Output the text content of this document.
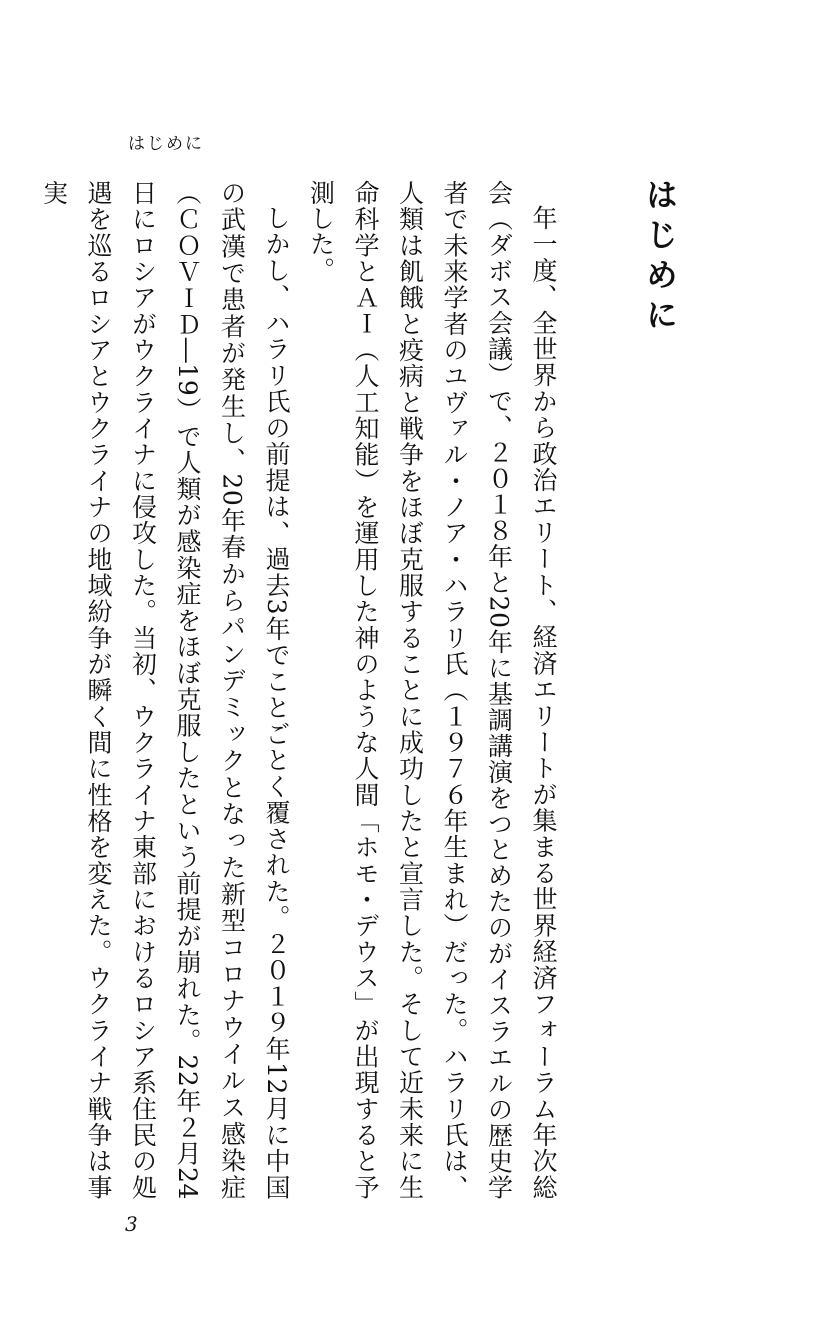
はじめに
はじめに

年一度、全世界から政治エリート、経済エリートが集まる世界経済フォーラム年次総会（ダボス会議）で、２０１８年と20年に基調講演をつとめたのがイスラエルの歴史学者で未来学者のユヴァル・ノア・ハラリ氏（１９７６年生まれ）だった。ハラリ氏は、人類は飢餓と疫病と戦争をほぼ克服することに成功したと宣言した。そして近未来に生命科学とＡＩ（人工知能）を運用した神のような人間「ホモ・デウス」が出現すると予測した。

しかし、ハラリ氏の前提は、過去3年でことごとく覆された。２０１９年12月に中国の武漢で患者が発生し、20年春からパンデミックとなった新型コロナウイルス感染症（ＣＯＶＩＤ―19）で人類が感染症をほぼ克服したという前提が崩れた。22年２月24日にロシアがウクライナに侵攻した。当初、ウクライナ東部におけるロシア系住民の処遇を巡るロシアとウクライナの地域紛争が瞬く間に性格を変えた。ウクライナ戦争は事実

3
